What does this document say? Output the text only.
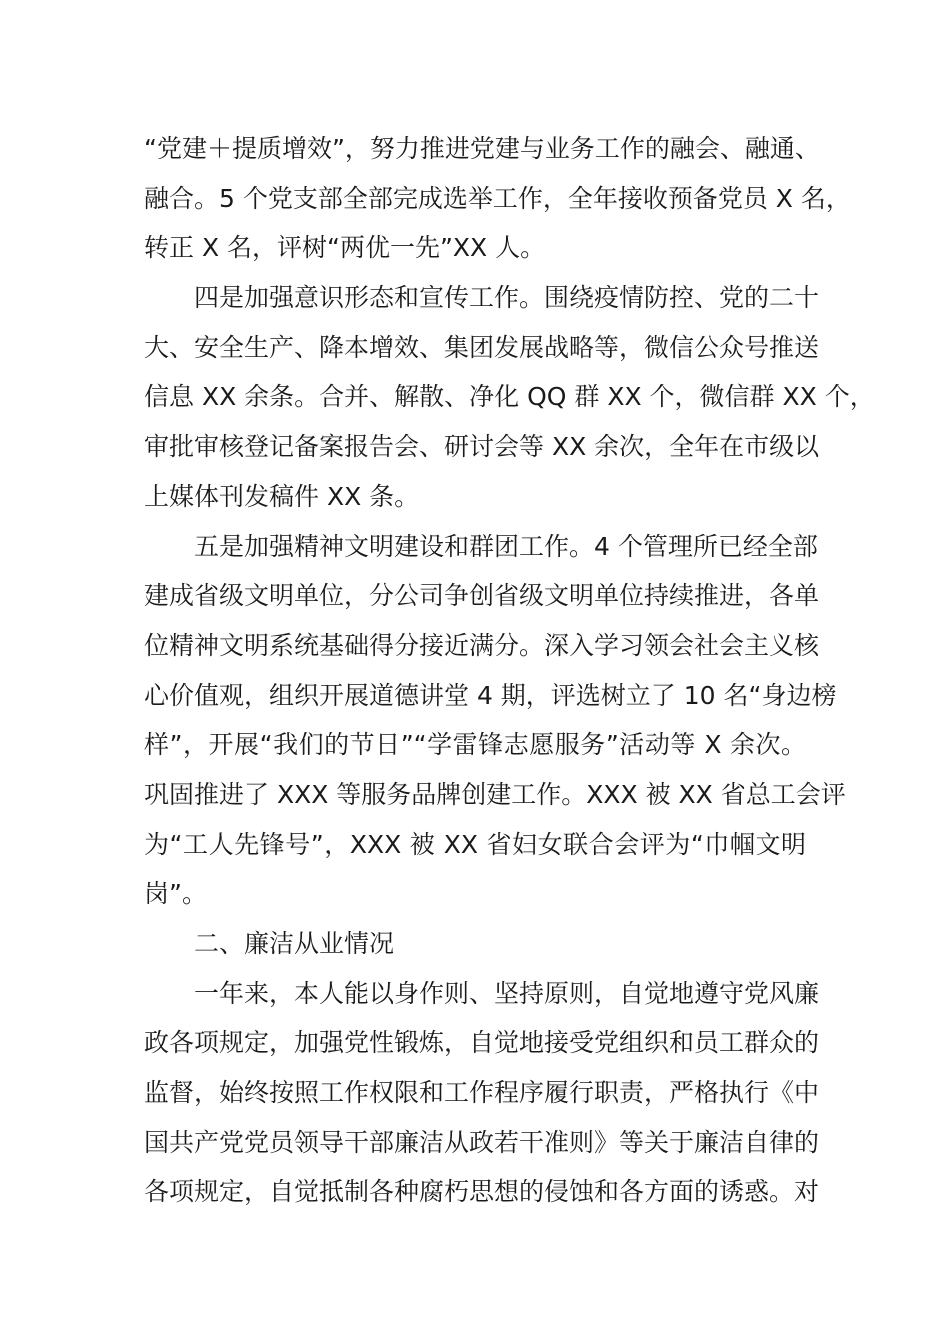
“党建＋提质增效”，努力推进党建与业务工作的融会、融通、
融合。5 个党支部全部完成选举工作，全年接收预备党员 X 名，
转正 X 名，评树“两优一先”XX 人。
四是加强意识形态和宣传工作。围绕疫情防控、党的二十
大、安全生产、降本增效、集团发展战略等，微信公众号推送
信息 XX 余条。合并、解散、净化 QQ 群 XX 个，微信群 XX 个，
审批审核登记备案报告会、研讨会等 XX 余次，全年在市级以
上媒体刊发稿件 XX 条。
五是加强精神文明建设和群团工作。4 个管理所已经全部
建成省级文明单位，分公司争创省级文明单位持续推进，各单
位精神文明系统基础得分接近满分。深入学习领会社会主义核
心价值观，组织开展道德讲堂 4 期，评选树立了 10 名“身边榜
样”，开展“我们的节日”“学雷锋志愿服务”活动等 X 余次。
巩固推进了 XXX 等服务品牌创建工作。XXX 被 XX 省总工会评
为“工人先锋号”，XXX 被 XX 省妇女联合会评为“巾帼文明
岗”。
二、廉洁从业情况
一年来，本人能以身作则、坚持原则，自觉地遵守党风廉
政各项规定，加强党性锻炼，自觉地接受党组织和员工群众的
监督，始终按照工作权限和工作程序履行职责，严格执行《中
国共产党党员领导干部廉洁从政若干准则》等关于廉洁自律的
各项规定，自觉抵制各种腐朽思想的侵蚀和各方面的诱惑。对
